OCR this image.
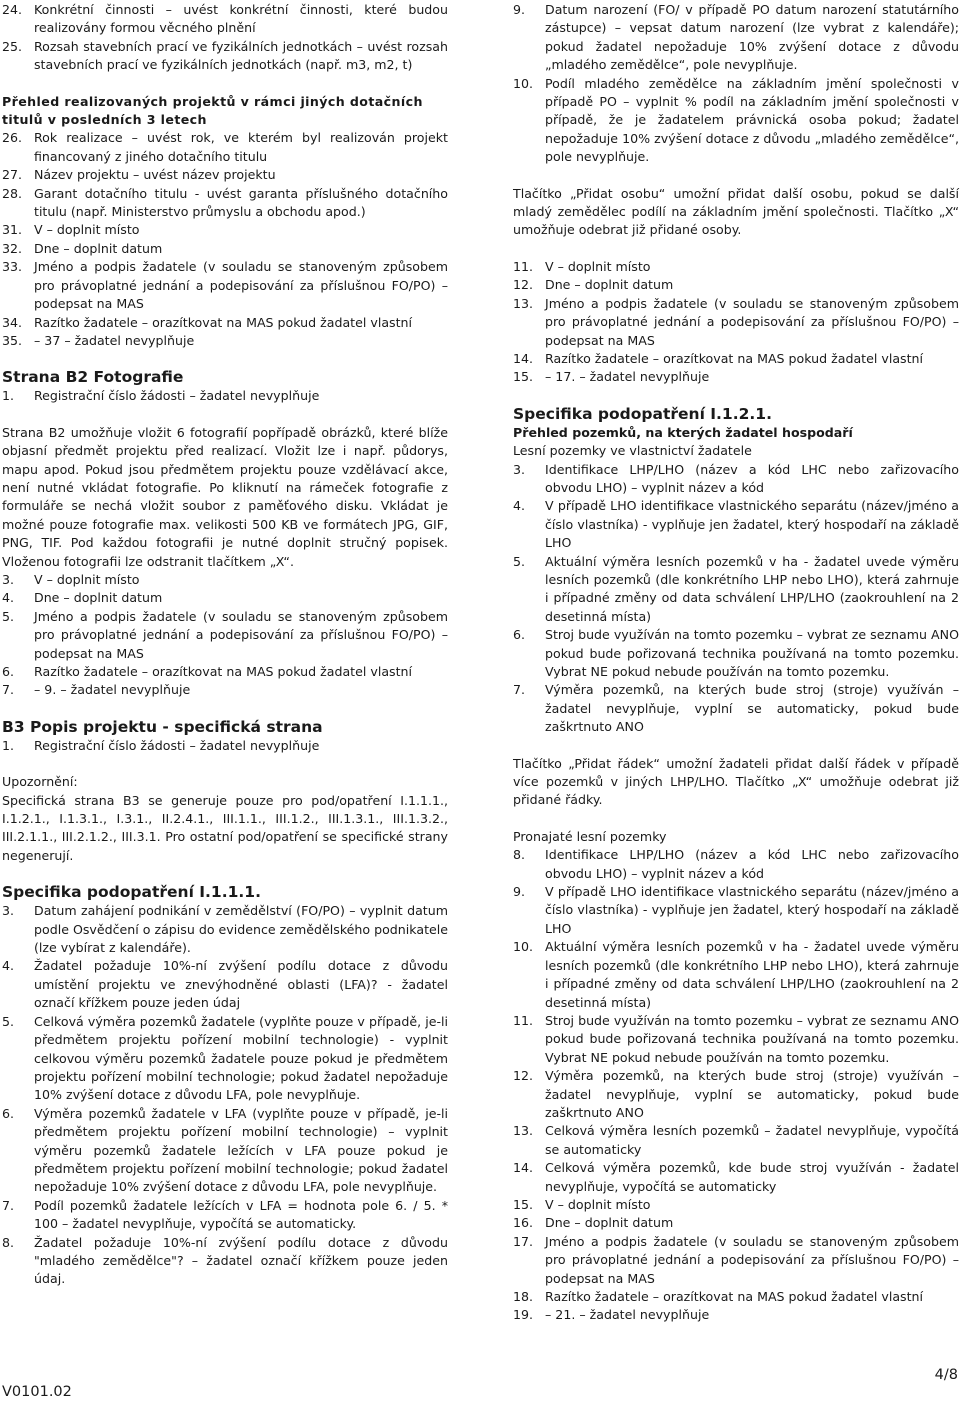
24. Konkrétní činnosti – uvést konkrétní činnosti, které budou realizovány formou věcného plnění
25. Rozsah stavebních prací ve fyzikálních jednotkách – uvést rozsah stavebních prací ve fyzikálních jednotkách (např. m3, m2, t)
Přehled realizovaných projektů v rámci jiných dotačních titulů v posledních 3 letech
26. Rok realizace – uvést rok, ve kterém byl realizován projekt financovaný z jiného dotačního titulu
27. Název projektu – uvést název projektu
28. Garant dotačního titulu - uvést garanta příslušného dotačního titulu (např. Ministerstvo průmyslu a obchodu apod.)
31. V – doplnit místo
32. Dne – doplnit datum
33. Jméno a podpis žadatele (v souladu se stanoveným způsobem pro právoplatné jednání a podepisování za příslušnou FO/PO) – podepsat na MAS
34. Razítko žadatele – orazítkovat na MAS pokud žadatel vlastní
35. – 37 – žadatel nevyplňuje
Strana B2 Fotografie
1.	Registrační číslo žádosti – žadatel nevyplňuje
Strana B2 umožňuje vložit 6 fotografií popřípadě obrázků, které blíže objasní předmět projektu před realizací. Vložit lze i např. půdorys, mapu apod. Pokud jsou předmětem projektu pouze vzdělávací akce, není nutné vkládat fotografie. Po kliknutí na rámeček fotografie z formuláře se nechá vložit soubor z paměťového disku. Vkládat je možné pouze fotografie max. velikosti 500 KB ve formátech JPG, GIF, PNG, TIF. Pod každou fotografii je nutné doplnit stručný popisek. Vloženou fotografii lze odstranit tlačítkem „X“.
3.	V – doplnit místo
4.	Dne – doplnit datum
5.	Jméno a podpis žadatele (v souladu se stanoveným způsobem pro právoplatné jednání a podepisování za příslušnou FO/PO) – podepsat na MAS
6.	Razítko žadatele – orazítkovat na MAS pokud žadatel vlastní
7.	– 9. – žadatel nevyplňuje
B3 Popis projektu - specifická strana
1.	Registrační číslo žádosti – žadatel nevyplňuje
Upozornění:
Specifická strana B3 se generuje pouze pro pod/opatření I.1.1.1., I.1.2.1., I.1.3.1., I.3.1., II.2.4.1., III.1.1., III.1.2., III.1.3.1., III.1.3.2., III.2.1.1., III.2.1.2., III.3.1. Pro ostatní pod/opatření se specifické strany negenerují.
Specifika podopatření I.1.1.1.
3.	Datum zahájení podnikání v zemědělství (FO/PO) – vyplnit datum podle Osvědčení o zápisu do evidence zemědělského podnikatele (lze vybírat z kalendáře).
4.	Žadatel požaduje 10%-ní zvýšení podílu dotace z důvodu umístění projektu ve znevýhodněné oblasti (LFA)? - žadatel označí křížkem pouze jeden údaj
5.	Celková výměra pozemků žadatele (vyplňte pouze v případě, je-li předmětem projektu pořízení mobilní technologie) - vyplnit celkovou výměru pozemků žadatele pouze pokud je předmětem projektu pořízení mobilní technologie; pokud žadatel nepožaduje 10% zvýšení dotace z důvodu LFA, pole nevyplňuje.
6.	Výměra pozemků žadatele v LFA (vyplňte pouze v případě, je-li předmětem projektu pořízení mobilní technologie) – vyplnit výměru pozemků žadatele ležících v LFA pouze pokud je předmětem projektu pořízení mobilní technologie; pokud žadatel nepožaduje 10% zvýšení dotace z důvodu LFA, pole nevyplňuje.
7.	Podíl pozemků žadatele ležících v LFA = hodnota pole 6. / 5. * 100 – žadatel nevyplňuje, vypočítá se automaticky.
8.	Žadatel požaduje 10%-ní zvýšení podílu dotace z důvodu "mladého zemědělce"? – žadatel označí křížkem pouze jeden údaj.
9.	Datum narození (FO/ v případě PO datum narození statutárního zástupce) – vepsat datum narození (lze vybrat z kalendáře); pokud žadatel nepožaduje 10% zvýšení dotace z důvodu „mladého zemědělce“, pole nevyplňuje.
10. Podíl mladého zemědělce na základním jmění společnosti v případě PO – vyplnit % podíl na základním jmění společnosti v případě, že je žadatelem právnická osoba pokud; žadatel nepožaduje 10% zvýšení dotace z důvodu „mladého zemědělce“, pole nevyplňuje.
Tlačítko „Přidat osobu“ umožní přidat další osobu, pokud se další mladý zemědělec podílí na základním jmění společnosti. Tlačítko „X“ umožňuje odebrat již přidané osoby.
11. V – doplnit místo
12. Dne – doplnit datum
13. Jméno a podpis žadatele (v souladu se stanoveným způsobem pro právoplatné jednání a podepisování za příslušnou FO/PO) – podepsat na MAS
14. Razítko žadatele – orazítkovat na MAS pokud žadatel vlastní
15. – 17. – žadatel nevyplňuje
Specifika podopatření I.1.2.1.
Přehled pozemků, na kterých žadatel hospodaří
Lesní pozemky ve vlastnictví žadatele
3.	Identifikace LHP/LHO (název a kód LHC nebo zařizovacího obvodu LHO) – vyplnit název a kód
4.	V případě LHO identifikace vlastnického separátu (název/jméno a číslo vlastníka) - vyplňuje jen žadatel, který hospodaří na základě LHO
5.	Aktuální výměra lesních pozemků v ha - žadatel uvede výměru lesních pozemků (dle konkrétního LHP nebo LHO), která zahrnuje i případné změny od data schválení LHP/LHO (zaokrouhlení na 2 desetinná místa)
6.	Stroj bude využíván na tomto pozemku – vybrat ze seznamu ANO pokud bude pořizovaná technika používaná na tomto pozemku. Vybrat NE pokud nebude používán na tomto pozemku.
7.	Výměra pozemků, na kterých bude stroj (stroje) využíván – žadatel nevyplňuje, vyplní se automaticky, pokud bude zaškrtnuto ANO
Tlačítko „Přidat řádek“ umožní žadateli přidat další řádek v případě více pozemků v jiných LHP/LHO. Tlačítko „X“ umožňuje odebrat již přidané řádky.
Pronajaté lesní pozemky
8.	Identifikace LHP/LHO (název a kód LHC nebo zařizovacího obvodu LHO) – vyplnit název a kód
9.	V případě LHO identifikace vlastnického separátu (název/jméno a číslo vlastníka) - vyplňuje jen žadatel, který hospodaří na základě LHO
10. Aktuální výměra lesních pozemků v ha - žadatel uvede výměru lesních pozemků (dle konkrétního LHP nebo LHO), která zahrnuje i případné změny od data schválení LHP/LHO (zaokrouhlení na 2 desetinná místa)
11. Stroj bude využíván na tomto pozemku – vybrat ze seznamu ANO pokud bude pořizovaná technika používaná na tomto pozemku. Vybrat NE pokud nebude používán na tomto pozemku.
12. Výměra pozemků, na kterých bude stroj (stroje) využíván – žadatel nevyplňuje, vyplní se automaticky, pokud bude zaškrtnuto ANO
13. Celková výměra lesních pozemků – žadatel nevyplňuje, vypočítá se automaticky
14. Celková výměra pozemků, kde bude stroj využíván - žadatel nevyplňuje, vypočítá se automaticky
15. V – doplnit místo
16. Dne – doplnit datum
17. Jméno a podpis žadatele (v souladu se stanoveným způsobem pro právoplatné jednání a podepisování za příslušnou FO/PO) – podepsat na MAS
18. Razítko žadatele – orazítkovat na MAS pokud žadatel vlastní
19. – 21. – žadatel nevyplňuje
V0101.02
4/8
